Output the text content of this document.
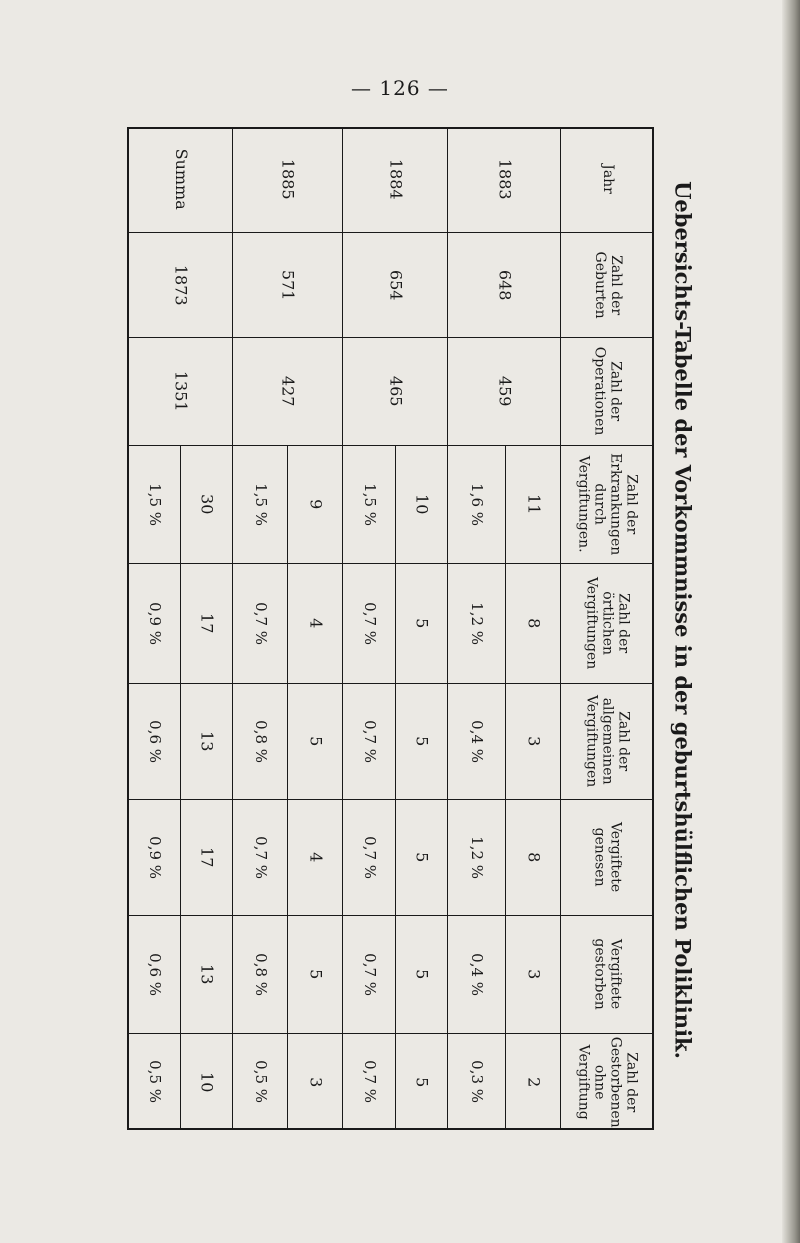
— 126 —
Uebersichts-Tabelle der Vorkommnisse in der geburtshülflichen Poliklinik.
Jahr
Zahl der Geburten
Zahl der Operationen
Zahl der Erkrankungen durch Vergiftungen.
Zahl der örtlichen Vergiftungen
Zahl der allgemeinen Vergiftungen
Vergiftete genesen
Vergiftete gestorben
Zahl der Gestorbenen ohne Vergiftung
1883
648
459
11
1,6 %
8
1,2 %
3
0,4 %
8
1,2 %
3
0,4 %
2
0,3 %
1884
654
465
10
1,5 %
5
0,7 %
5
0,7 %
5
0,7 %
5
0,7 %
5
0,7 %
1885
571
427
9
1,5 %
4
0,7 %
5
0,8 %
4
0,7 %
5
0,8 %
3
0,5 %
Summa
1873
1351
30
1,5 %
17
0,9 %
13
0,6 %
17
0,9 %
13
0,6 %
10
0,5 %
